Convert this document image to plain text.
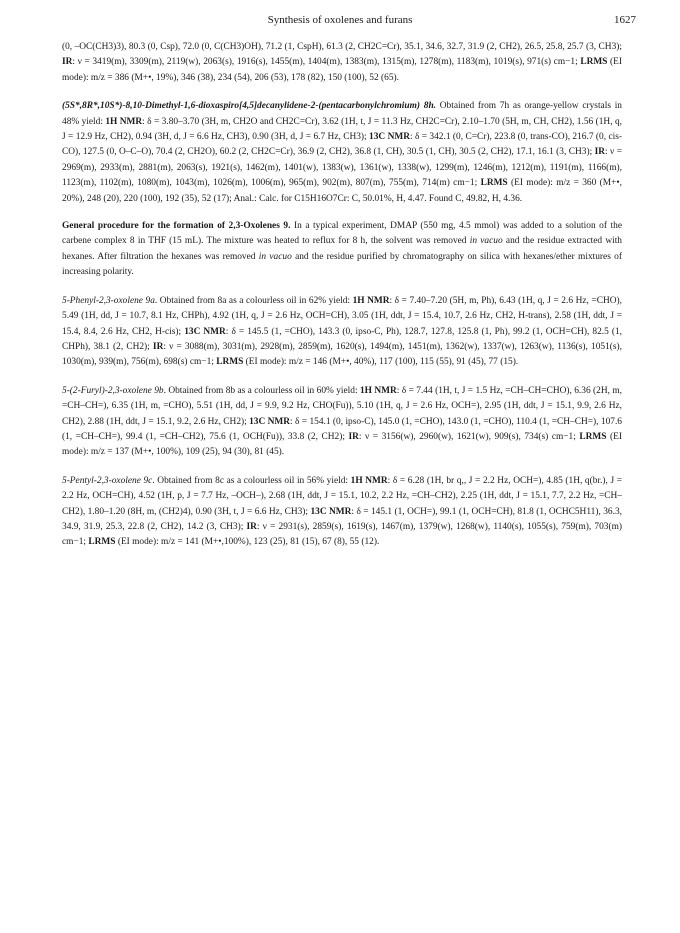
Synthesis of oxolenes and furans	1627

(0, –OC(CH3)3), 80.3 (0, Csp), 72.0 (0, C(CH3)OH), 71.2 (1, CspH), 61.3 (2, CH2C=Cr), 35.1, 34.6, 32.7, 31.9 (2, CH2), 26.5, 25.8, 25.7 (3, CH3); IR: ν = 3419(m), 3309(m), 2119(w), 2063(s), 1916(s), 1455(m), 1404(m), 1383(m), 1315(m), 1278(m), 1183(m), 1019(s), 971(s) cm−1; LRMS (EI mode): m/z = 386 (M+•, 19%), 346 (38), 234 (54), 206 (53), 178 (82), 150 (100), 52 (65).

(5S*,8R*,10S*)-8,10-Dimethyl-1,6-dioxaspiro[4,5]decanylidene-2-(pentacarbonylchromium) 8h. Obtained from 7h as orange-yellow crystals in 48% yield: 1H NMR: δ = 3.80–3.70 (3H, m, CH2O and CH2C=Cr), 3.62 (1H, t, J = 11.3 Hz, CH2C=Cr), 2.10–1.70 (5H, m, CH, CH2), 1.56 (1H, q, J = 12.9 Hz, CH2), 0.94 (3H, d, J = 6.6 Hz, CH3), 0.90 (3H, d, J = 6.7 Hz, CH3); 13C NMR: δ = 342.1 (0, C=Cr), 223.8 (0, trans-CO), 216.7 (0, cis-CO), 127.5 (0, O–C–O), 70.4 (2, CH2O), 60.2 (2, CH2C=Cr), 36.9 (2, CH2), 36.8 (1, CH), 30.5 (1, CH), 30.5 (2, CH2), 17.1, 16.1 (3, CH3); IR: ν = 2969(m), 2933(m), 2881(m), 2063(s), 1921(s), 1462(m), 1401(w), 1383(w), 1361(w), 1338(w), 1299(m), 1246(m), 1212(m), 1191(m), 1166(m), 1123(m), 1102(m), 1080(m), 1043(m), 1026(m), 1006(m), 965(m), 902(m), 807(m), 755(m), 714(m) cm−1; LRMS (EI mode): m/z = 360 (M+•, 20%), 248 (20), 220 (100), 192 (35), 52 (17); Anal.: Calc. for C15H16O7Cr: C, 50.01%, H, 4.47. Found C, 49.82, H, 4.36.

General procedure for the formation of 2,3-Oxolenes 9. In a typical experiment, DMAP (550 mg, 4.5 mmol) was added to a solution of the carbene complex 8 in THF (15 mL). The mixture was heated to reflux for 8 h, the solvent was removed in vacuo and the residue extracted with hexanes. After filtration the hexanes was removed in vacuo and the residue purified by chromatography on silica with hexanes/ether mixtures of increasing polarity.

5-Phenyl-2,3-oxolene 9a. Obtained from 8a as a colourless oil in 62% yield: 1H NMR: δ = 7.40–7.20 (5H, m, Ph), 6.43 (1H, q, J = 2.6 Hz, =CHO), 5.49 (1H, dd, J = 10.7, 8.1 Hz, CHPh), 4.92 (1H, q, J = 2.6 Hz, OCH=CH), 3.05 (1H, ddt, J = 15.4, 10.7, 2.6 Hz, CH2, H-trans), 2.58 (1H, ddt, J = 15.4, 8.4, 2.6 Hz, CH2, H-cis); 13C NMR: δ = 145.5 (1, =CHO), 143.3 (0, ipso-C, Ph), 128.7, 127.8, 125.8 (1, Ph), 99.2 (1, OCH=CH), 82.5 (1, CHPh), 38.1 (2, CH2); IR: ν = 3088(m), 3031(m), 2928(m), 2859(m), 1620(s), 1494(m), 1451(m), 1362(w), 1337(w), 1263(w), 1136(s), 1051(s), 1030(m), 939(m), 756(m), 698(s) cm−1; LRMS (EI mode): m/z = 146 (M+•, 40%), 117 (100), 115 (55), 91 (45), 77 (15).

5-(2-Furyl)-2,3-oxolene 9b. Obtained from 8b as a colourless oil in 60% yield: 1H NMR: δ = 7.44 (1H, t, J = 1.5 Hz, =CH–CH=CHO), 6.36 (2H, m, =CH–CH=), 6.35 (1H, m, =CHO), 5.51 (1H, dd, J = 9.9, 9.2 Hz, CHO(Fu)), 5.10 (1H, q, J = 2.6 Hz, OCH=), 2.95 (1H, ddt, J = 15.1, 9.9, 2.6 Hz, CH2), 2.88 (1H, ddt, J = 15.1, 9.2, 2.6 Hz, CH2); 13C NMR: δ = 154.1 (0, ipso-C), 145.0 (1, =CHO), 143.0 (1, =CHO), 110.4 (1, =CH–CH=), 107.6 (1, =CH–CH=), 99.4 (1, =CH–CH2), 75.6 (1, OCH(Fu)), 33.8 (2, CH2); IR: ν = 3156(w), 2960(w), 1621(w), 909(s), 734(s) cm−1; LRMS (EI mode): m/z = 137 (M+•, 100%), 109 (25), 94 (30), 81 (45).

5-Pentyl-2,3-oxolene 9c. Obtained from 8c as a colourless oil in 56% yield: 1H NMR: δ = 6.28 (1H, br q,, J = 2.2 Hz, OCH=), 4.85 (1H, q(br.), J = 2.2 Hz, OCH=CH), 4.52 (1H, p, J = 7.7 Hz, –OCH–), 2.68 (1H, ddt, J = 15.1, 10.2, 2.2 Hz, =CH–CH2), 2.25 (1H, ddt, J = 15.1, 7.7, 2.2 Hz, =CH–CH2), 1.80–1.20 (8H, m, (CH2)4), 0.90 (3H, t, J = 6.6 Hz, CH3); 13C NMR: δ = 145.1 (1, OCH=), 99.1 (1, OCH=CH), 81.8 (1, OCHC5H11), 36.3, 34.9, 31.9, 25.3, 22.8 (2, CH2), 14.2 (3, CH3); IR: ν = 2931(s), 2859(s), 1619(s), 1467(m), 1379(w), 1268(w), 1140(s), 1055(s), 759(m), 703(m) cm−1; LRMS (EI mode): m/z = 141 (M+•,100%), 123 (25), 81 (15), 67 (8), 55 (12).
